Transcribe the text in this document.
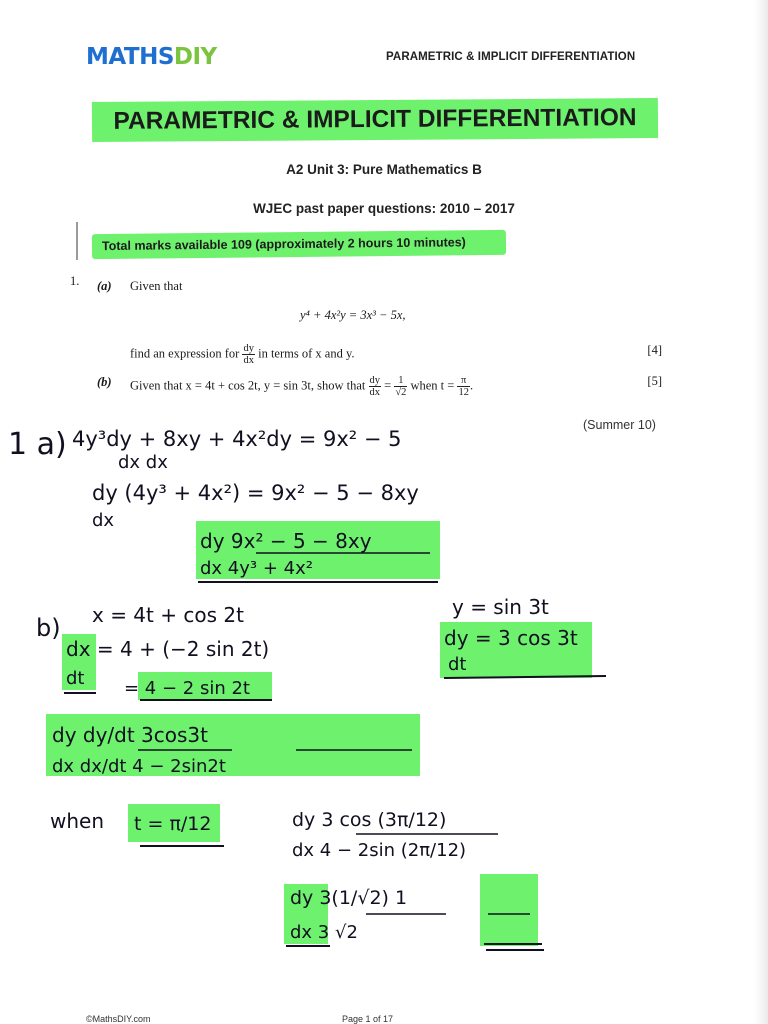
MATHSDIY	PARAMETRIC & IMPLICIT DIFFERENTIATION
PARAMETRIC & IMPLICIT DIFFERENTIATION
A2 Unit 3: Pure Mathematics B
WJEC past paper questions: 2010 – 2017
Total marks available 109 (approximately 2 hours 10 minutes)
1. (a) Given that
y⁴ + 4x²y = 3x³ − 5x,
find an expression for $\frac{dy}{dx}$ in terms of x and y.	[4]
(b) Given that x = 4t + cos 2t, y = sin 3t, show that $\frac{dy}{dx} = \frac{1}{√2}$ when $t = \frac{\pi}{12}$ .	[5]
(Summer 10)
1 a) 4y³dy + 8xy + 4x²dy = 9x² − 5
dx dx
dy (4y³ + 4x²) = 9x² − 5 − 8xy
dx
dy 9x² − 5 − 8xy
dx 4y³ + 4x²
b) x = 4t + cos 2t
dx = 4 + (−2 sin 2t)
dt = 4 − 2 sin 2t
y = sin 3t
dy = 3 cos 3t
dt
dy dy/dt 3cos3t
dx dx/dt 4 − 2sin2t
when t = π/12	dy 3 cos (3π/12)
dx 4 − 2sin (2π/12)
dy 3(1/√2) 1
dx 3 √2
©MathsDIY.com	Page 1 of 17
